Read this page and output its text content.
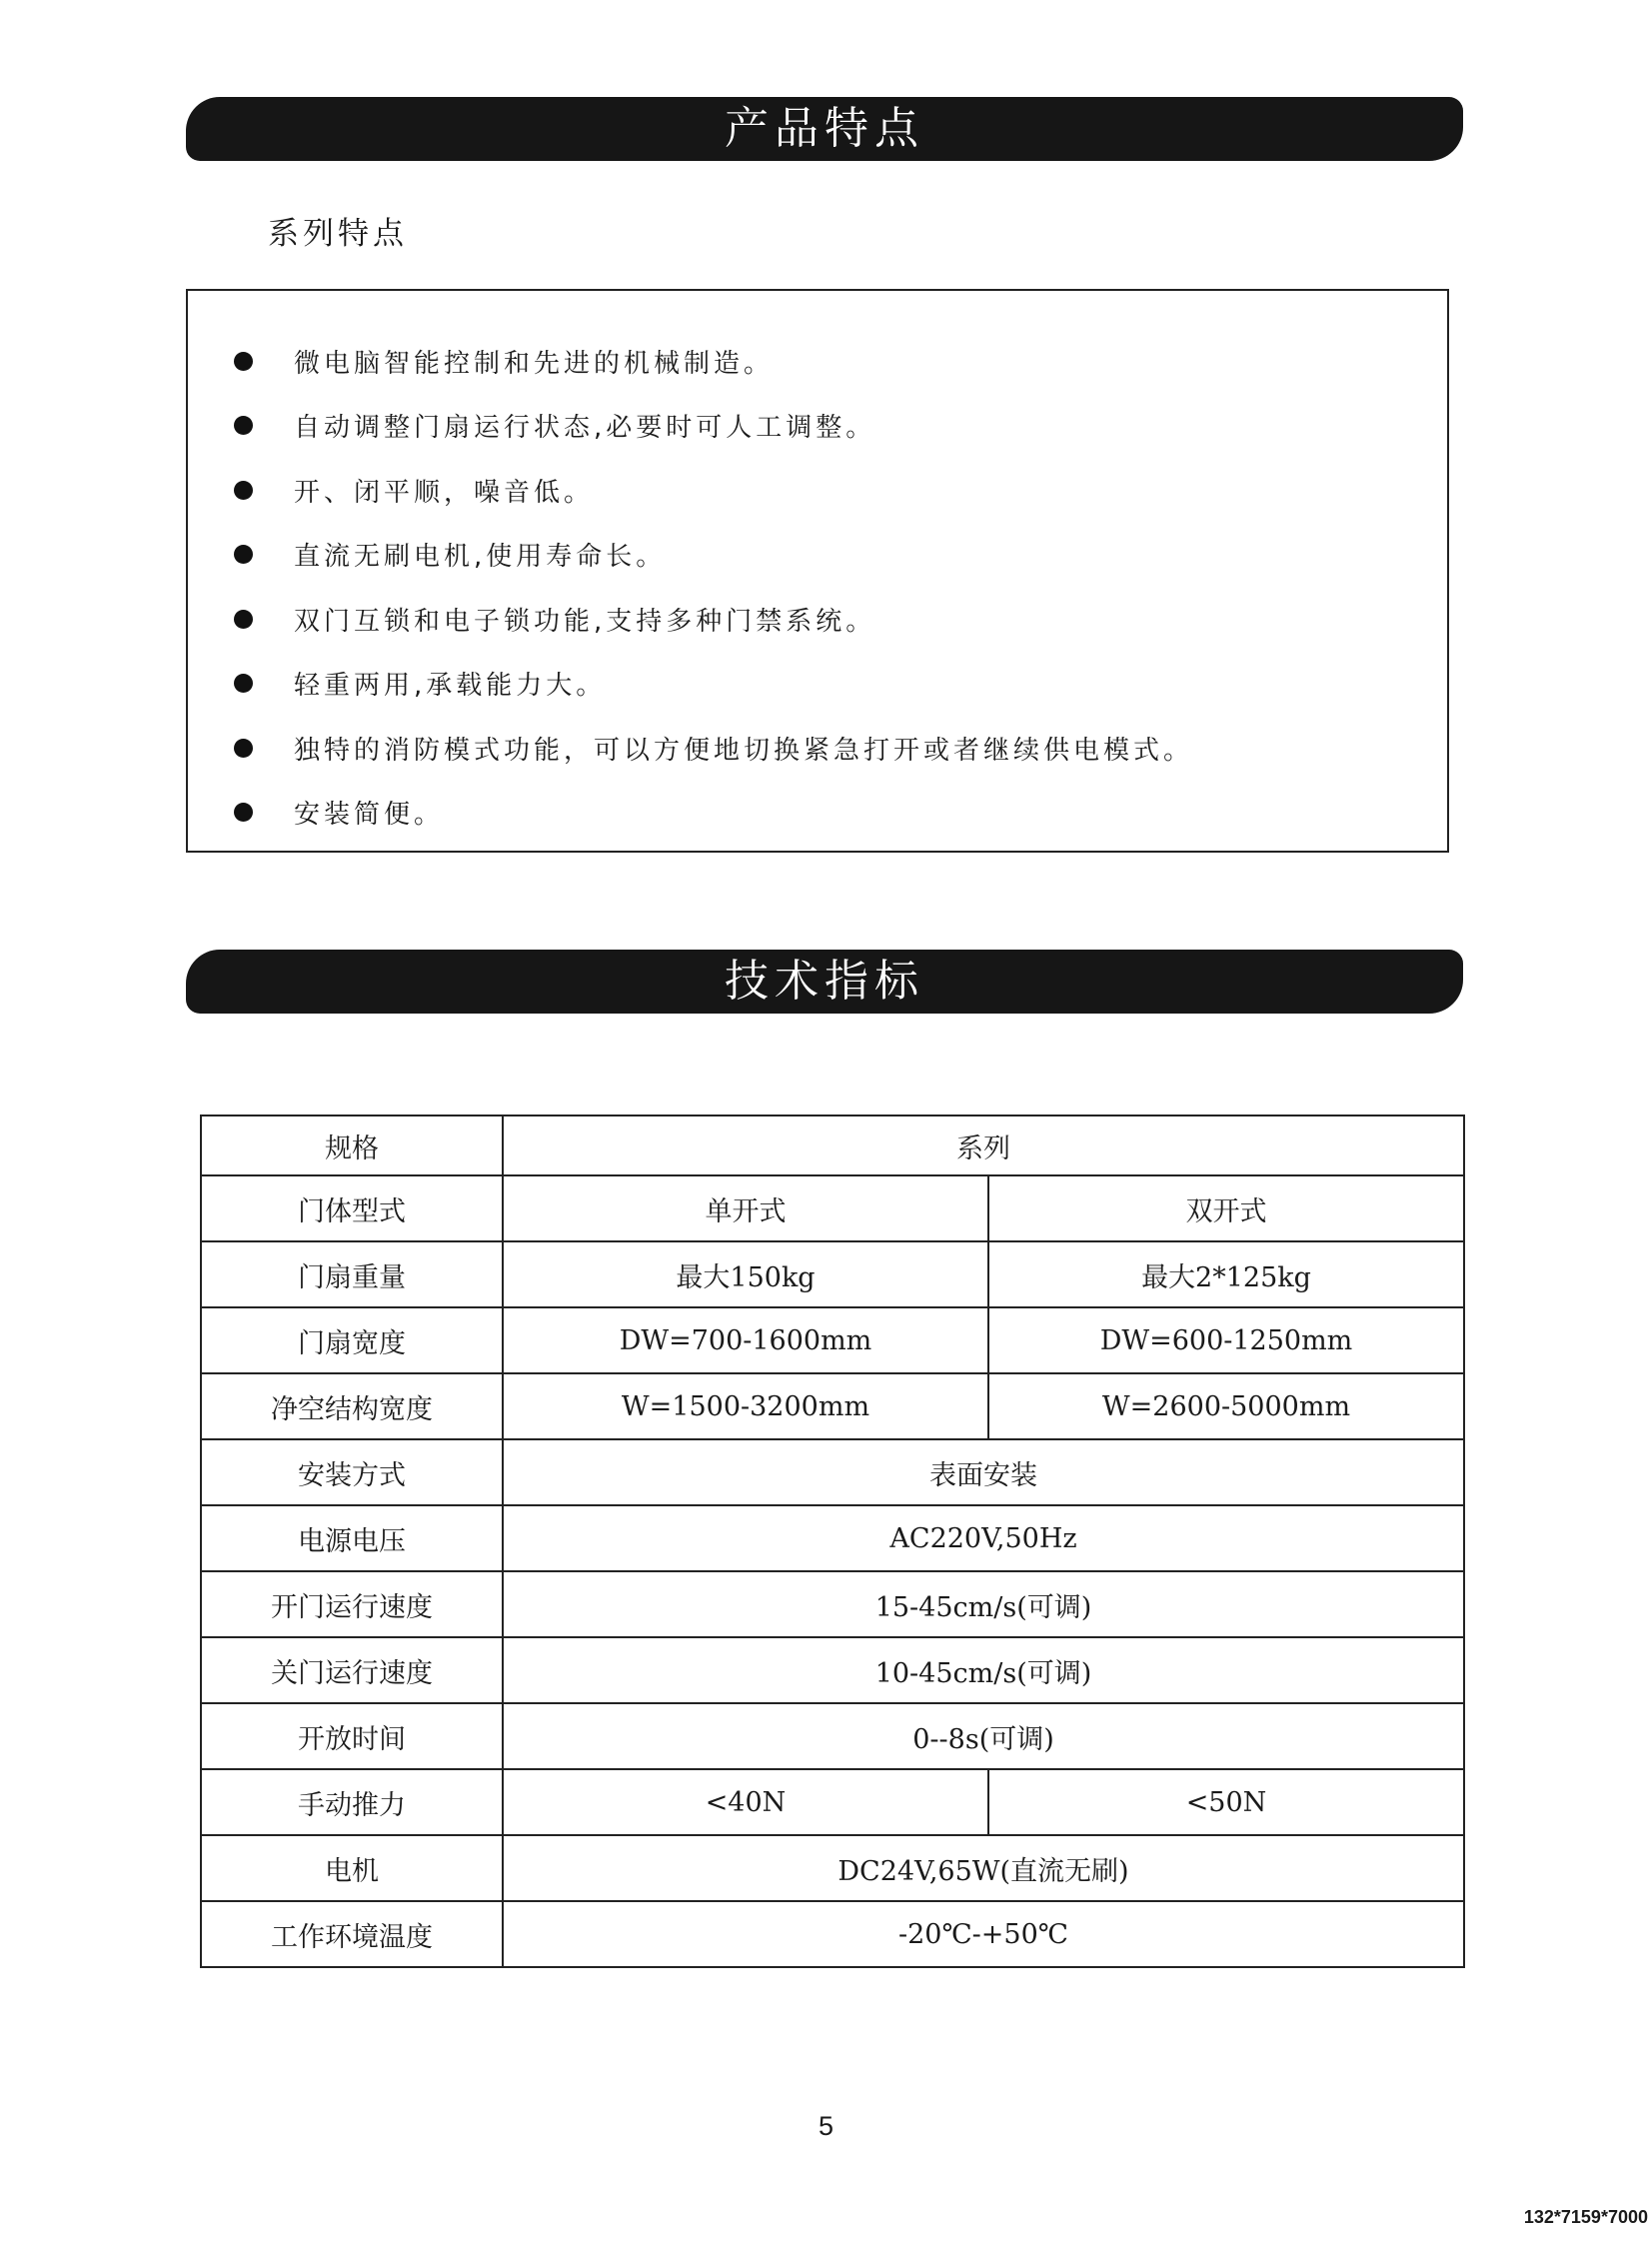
产品特点
系列特点
微电脑智能控制和先进的机械制造。
自动调整门扇运行状态,必要时可人工调整。
开、闭平顺，噪音低。
直流无刷电机,使用寿命长。
双门互锁和电子锁功能,支持多种门禁系统。
轻重两用,承载能力大。
独特的消防模式功能，可以方便地切换紧急打开或者继续供电模式。
安装简便。
技术指标
规格	系列	
门体型式	单开式	双开式
门扇重量	最大150kg	最大2*125kg
门扇宽度	DW=700-1600mm	DW=600-1250mm
净空结构宽度	W=1500-3200mm	W=2600-5000mm
安装方式	表面安装	
电源电压	AC220V,50Hz	
开门运行速度	15-45cm/s(可调)	
关门运行速度	10-45cm/s(可调)	
开放时间	0--8s(可调)	
手动推力	<40N	<50N
电机	DC24V,65W(直流无刷)	
工作环境温度	-20℃-+50℃	
5
132*7159*7000
